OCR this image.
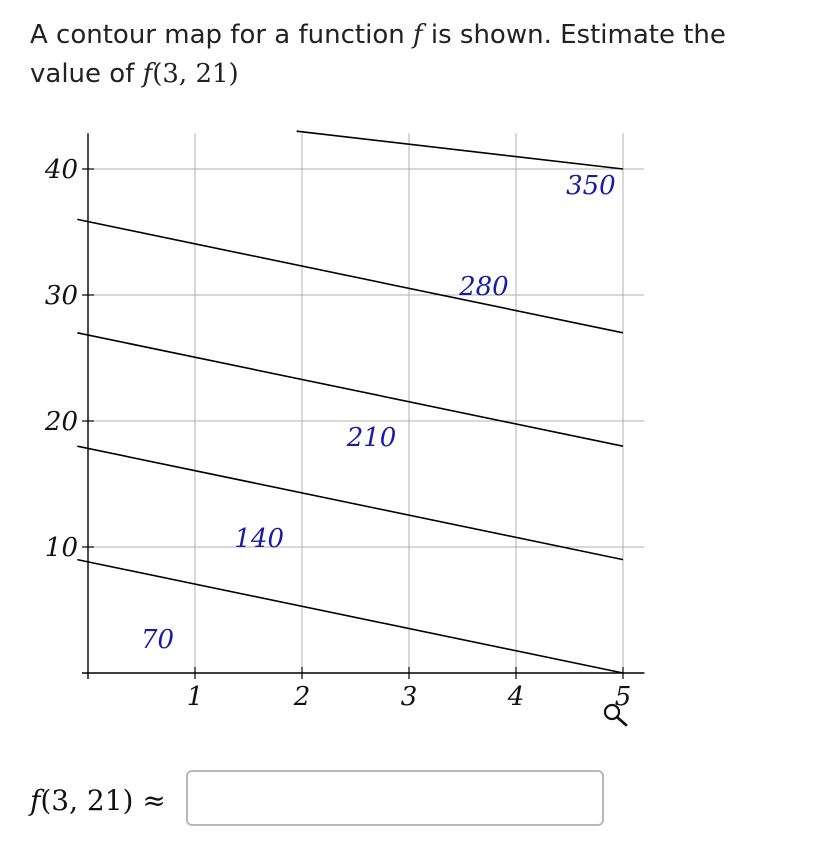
A contour map for a function f is shown. Estimate the value of f(3, 21)
1	2	3	4	5
10
20
30
40
70
140
210
280
350
f(3, 21) ≈
